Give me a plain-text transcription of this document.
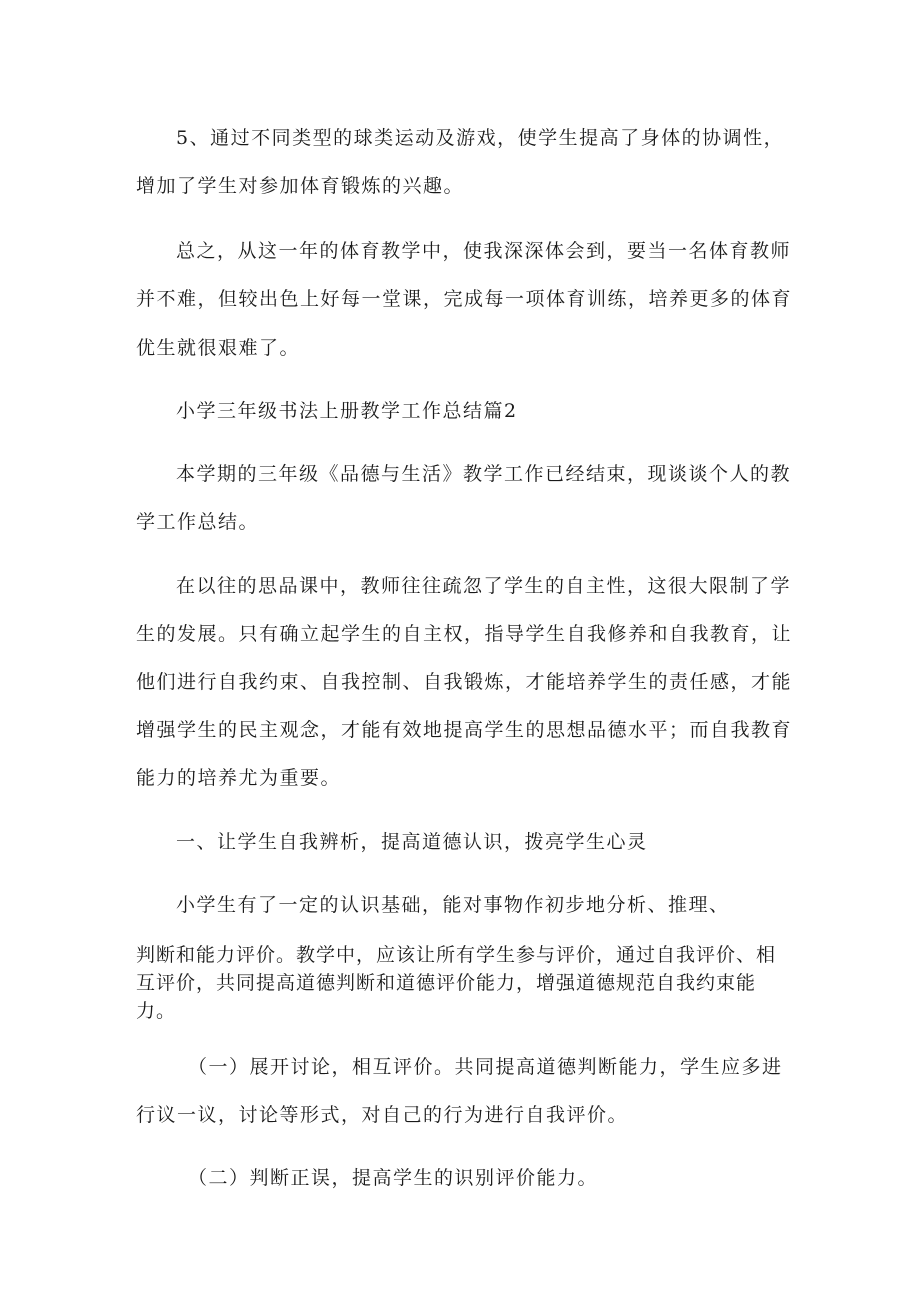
5、通过不同类型的球类运动及游戏，使学生提高了身体的协调性，
增加了学生对参加体育锻炼的兴趣。
总之，从这一年的体育教学中，使我深深体会到，要当一名体育教师
并不难，但较出色上好每一堂课，完成每一项体育训练，培养更多的体育
优生就很艰难了。
小学三年级书法上册教学工作总结篇2
本学期的三年级《品德与生活》教学工作已经结束，现谈谈个人的教
学工作总结。
在以往的思品课中，教师往往疏忽了学生的自主性，这很大限制了学
生的发展。只有确立起学生的自主权，指导学生自我修养和自我教育，让
他们进行自我约束、自我控制、自我锻炼，才能培养学生的责任感，才能
增强学生的民主观念，才能有效地提高学生的思想品德水平；而自我教育
能力的培养尤为重要。
一、让学生自我辨析，提高道德认识，拨亮学生心灵
小学生有了一定的认识基础，能对事物作初步地分析、推理、
判断和能力评价。教学中，应该让所有学生参与评价，通过自我评价、相
互评价，共同提高道德判断和道德评价能力，增强道德规范自我约束能
力。
（一）展开讨论，相互评价。共同提高道德判断能力，学生应多进
行议一议，讨论等形式，对自己的行为进行自我评价。
（二）判断正误，提高学生的识别评价能力。
